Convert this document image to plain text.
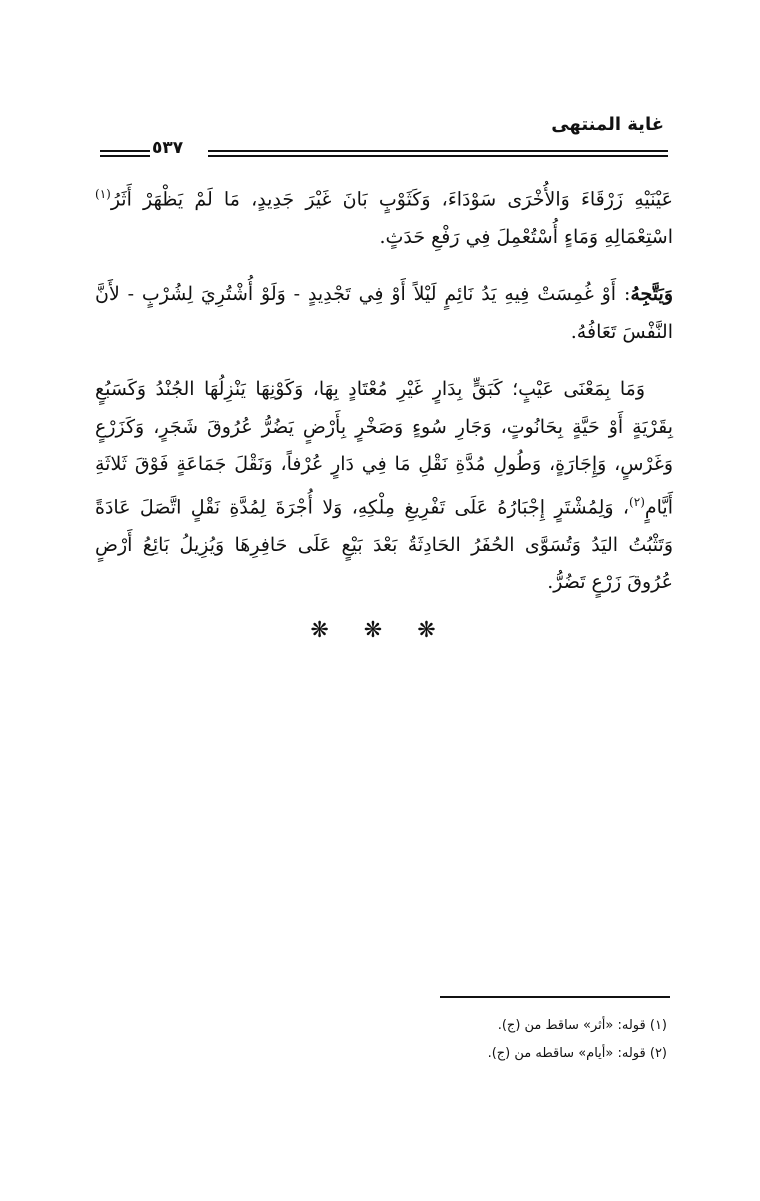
غاية المنتهى
٥٣٧

عَيْنَيْهِ زَرْقَاءَ وَالأُخْرَى سَوْدَاءَ، وَكَثَوْبٍ بَانَ غَيْرَ جَدِيدٍ، مَا لَمْ يَظْهَرْ أَثَرُ$^{(١)}$ اسْتِعْمَالِهِ وَمَاءٍ أُسْتُعْمِلَ فِي رَفْعِ حَدَثٍ.

وَيَتَّجِهُ: أَوْ غُمِسَتْ فِيهِ يَدُ نَائِمٍ لَيْلاً أَوْ فِي تَجْدِيدٍ - وَلَوْ أُشْتُرِيَ لِشُرْبٍ - لأَنَّ النَّفْسَ تَعَافُهُ.

وَمَا بِمَعْنَى عَيْبٍ؛ كَبَقٍّ بِدَارٍ غَيْرِ مُعْتَادٍ بِهَا، وَكَوْنِهَا يَنْزِلُهَا الجُنْدُ وَكَسَبُعٍ بِقَرْيَةٍ أَوْ حَيَّةٍ بِحَانُوتٍ، وَجَارِ سُوءٍ وَصَخْرٍ بِأَرْضٍ يَضُرُّ عُرُوقَ شَجَرٍ، وَكَزَرْعٍ وَغَرْسٍ، وَإِجَارَةٍ، وَطُولِ مُدَّةِ نَقْلِ مَا فِي دَارٍ عُرْفاً، وَنَقْلَ جَمَاعَةٍ فَوْقَ ثَلاثَةِ أَيَّامٍ$^{(٢)}$، وَلِمُشْتَرٍ إِجْبَارُهُ عَلَى تَفْرِيغِ مِلْكِهِ، وَلا أُجْرَةَ لِمُدَّةِ نَقْلٍ اتَّصَلَ عَادَةً وَتَثْبُتُ اليَدُ وَتُسَوَّى الحُفَرُ الحَادِثَةُ بَعْدَ بَيْعٍ عَلَى حَافِرِهَا وَيُزِيلُ بَائِعُ أَرْضٍ عُرُوقَ زَرْعٍ تَضُرُّ.

❋ ❋ ❋
(١) قوله: «أثر» ساقط من (ج).
(٢) قوله: «أيام» ساقطه من (ج).
